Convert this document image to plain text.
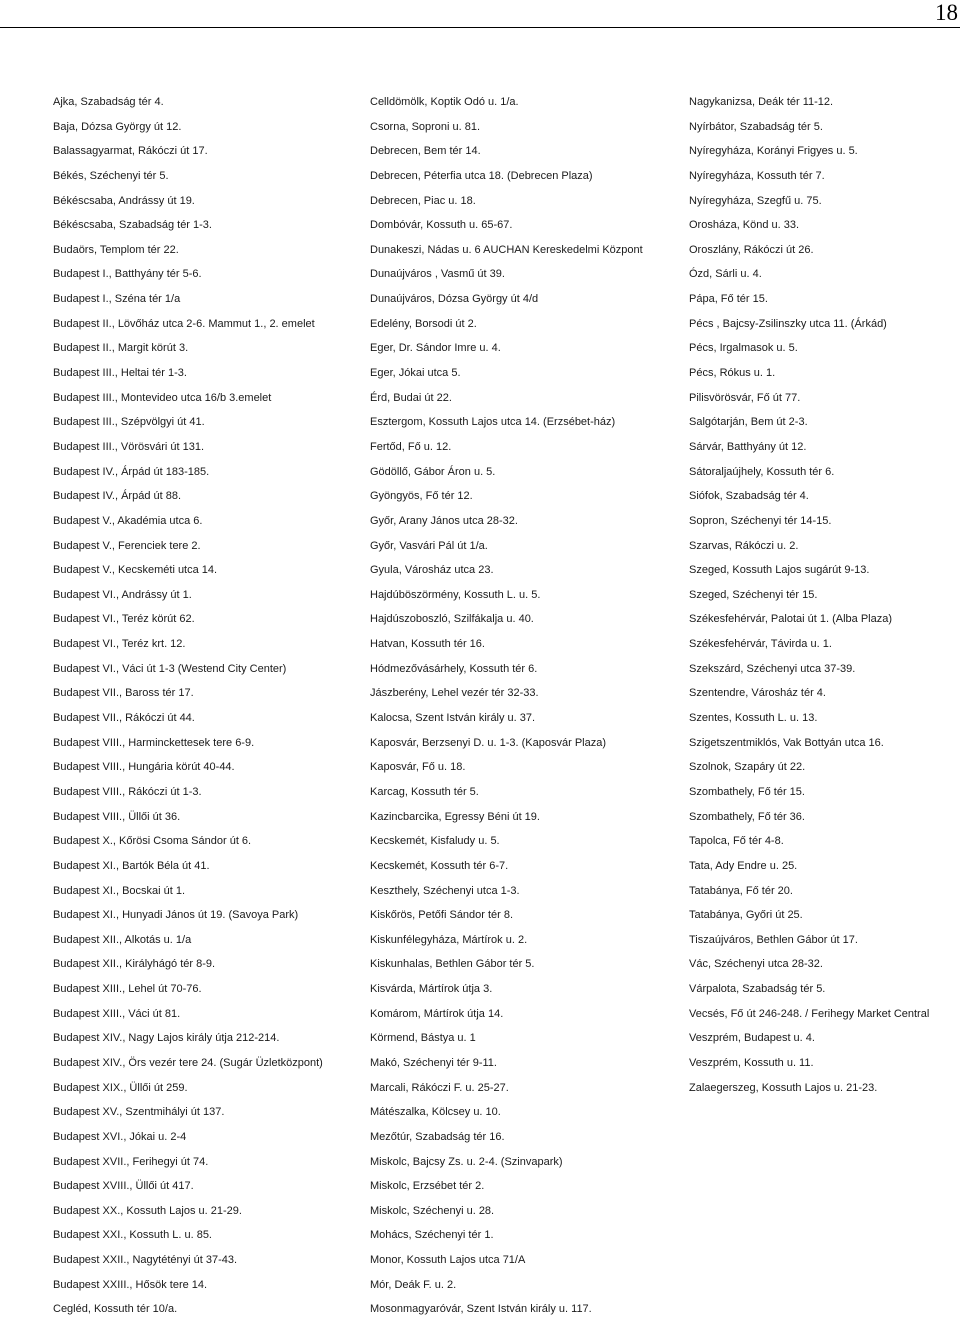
18
Ajka, Szabadság tér 4.
Baja, Dózsa György út 12.
Balassagyarmat, Rákóczi út 17.
Békés, Széchenyi tér 5.
Békéscsaba, Andrássy út 19.
Békéscsaba, Szabadság tér 1-3.
Budaörs, Templom tér 22.
Budapest I., Batthyány tér 5-6.
Budapest I., Széna tér 1/a
Budapest II., Lövőház utca 2-6. Mammut 1., 2. emelet
Budapest II., Margit körút 3.
Budapest III., Heltai tér 1-3.
Budapest III., Montevideo utca 16/b 3.emelet
Budapest III., Szépvölgyi út 41.
Budapest III., Vörösvári út 131.
Budapest IV., Árpád út 183-185.
Budapest IV., Árpád út 88.
Budapest V., Akadémia utca 6.
Budapest V., Ferenciek tere 2.
Budapest V., Kecskeméti utca 14.
Budapest VI., Andrássy út 1.
Budapest VI., Teréz körút 62.
Budapest VI., Teréz krt. 12.
Budapest VI., Váci út 1-3 (Westend City Center)
Budapest VII., Baross tér 17.
Budapest VII., Rákóczi út 44.
Budapest VIII., Harminckettesek tere 6-9.
Budapest VIII., Hungária körút 40-44.
Budapest VIII., Rákóczi út 1-3.
Budapest VIII., Üllői út 36.
Budapest X., Kőrösi Csoma Sándor út 6.
Budapest XI., Bartók Béla út 41.
Budapest XI., Bocskai út 1.
Budapest XI., Hunyadi János út 19. (Savoya Park)
Budapest XII., Alkotás u. 1/a
Budapest XII., Királyhágó tér 8-9.
Budapest XIII., Lehel út 70-76.
Budapest XIII., Váci út 81.
Budapest XIV., Nagy Lajos király útja 212-214.
Budapest XIV., Örs vezér tere 24. (Sugár Üzletközpont)
Budapest XIX., Üllői út 259.
Budapest XV., Szentmihályi út 137.
Budapest XVI., Jókai u. 2-4
Budapest XVII., Ferihegyi út 74.
Budapest XVIII., Üllői út 417.
Budapest XX., Kossuth Lajos u. 21-29.
Budapest XXI., Kossuth L. u. 85.
Budapest XXII., Nagytétényi út 37-43.
Budapest XXIII., Hősök tere 14.
Cegléd, Kossuth tér 10/a.
Celldömölk, Koptik Odó u. 1/a.
Csorna, Soproni u. 81.
Debrecen, Bem tér 14.
Debrecen, Péterfia utca 18. (Debrecen Plaza)
Debrecen, Piac u. 18.
Dombóvár, Kossuth u. 65-67.
Dunakeszi, Nádas u. 6 AUCHAN Kereskedelmi Központ
Dunaújváros , Vasmű út 39.
Dunaújváros, Dózsa György út 4/d
Edelény, Borsodi út 2.
Eger, Dr. Sándor Imre u. 4.
Eger, Jókai utca 5.
Érd, Budai út 22.
Esztergom, Kossuth Lajos utca 14. (Erzsébet-ház)
Fertőd, Fő u. 12.
Gödöllő, Gábor Áron u. 5.
Gyöngyös, Fő tér 12.
Győr, Arany János utca 28-32.
Győr, Vasvári Pál út 1/a.
Gyula, Városház utca 23.
Hajdúböszörmény, Kossuth L. u. 5.
Hajdúszoboszló, Szilfákalja u. 40.
Hatvan, Kossuth tér 16.
Hódmezővásárhely, Kossuth tér 6.
Jászberény, Lehel vezér tér 32-33.
Kalocsa, Szent István király u. 37.
Kaposvár, Berzsenyi D. u. 1-3. (Kaposvár Plaza)
Kaposvár, Fő u. 18.
Karcag, Kossuth tér 5.
Kazincbarcika, Egressy Béni út 19.
Kecskemét, Kisfaludy u. 5.
Kecskemét, Kossuth tér 6-7.
Keszthely, Széchenyi utca 1-3.
Kiskőrös, Petőfi Sándor tér 8.
Kiskunfélegyháza, Mártírok u. 2.
Kiskunhalas, Bethlen Gábor tér 5.
Kisvárda, Mártírok útja 3.
Komárom, Mártírok útja 14.
Körmend, Bástya u. 1
Makó, Széchenyi tér 9-11.
Marcali, Rákóczi F. u. 25-27.
Mátészalka, Kölcsey u. 10.
Mezőtúr, Szabadság tér 16.
Miskolc, Bajcsy Zs. u. 2-4. (Szinvapark)
Miskolc, Erzsébet tér 2.
Miskolc, Széchenyi u. 28.
Mohács, Széchenyi tér 1.
Monor, Kossuth Lajos utca 71/A
Mór, Deák F. u. 2.
Mosonmagyaróvár, Szent István király u. 117.
Nagykanizsa, Deák tér 11-12.
Nyírbátor, Szabadság tér 5.
Nyíregyháza, Korányi Frigyes u. 5.
Nyíregyháza, Kossuth tér 7.
Nyíregyháza, Szegfű u. 75.
Orosháza, Könd u. 33.
Oroszlány, Rákóczi út 26.
Ózd, Sárli u. 4.
Pápa, Fő tér 15.
Pécs , Bajcsy-Zsilinszky utca 11. (Árkád)
Pécs, Irgalmasok u. 5.
Pécs, Rókus u. 1.
Pilisvörösvár, Fő út 77.
Salgótarján, Bem út 2-3.
Sárvár, Batthyány út 12.
Sátoraljaújhely, Kossuth tér 6.
Siófok, Szabadság tér 4.
Sopron, Széchenyi tér 14-15.
Szarvas, Rákóczi u. 2.
Szeged, Kossuth Lajos sugárút 9-13.
Szeged, Széchenyi tér 15.
Székesfehérvár, Palotai út 1. (Alba Plaza)
Székesfehérvár, Távirda u. 1.
Szekszárd, Széchenyi utca 37-39.
Szentendre, Városház tér 4.
Szentes, Kossuth L. u. 13.
Szigetszentmiklós, Vak Bottyán utca 16.
Szolnok, Szapáry út 22.
Szombathely, Fő tér 15.
Szombathely, Fő tér 36.
Tapolca, Fő tér 4-8.
Tata, Ady Endre u. 25.
Tatabánya, Fő tér 20.
Tatabánya, Győri út 25.
Tiszaújváros, Bethlen Gábor út 17.
Vác, Széchenyi utca 28-32.
Várpalota, Szabadság tér 5.
Vecsés, Fő út 246-248. / Ferihegy Market Central
Veszprém, Budapest u. 4.
Veszprém, Kossuth u. 11.
Zalaegerszeg, Kossuth Lajos u. 21-23.
